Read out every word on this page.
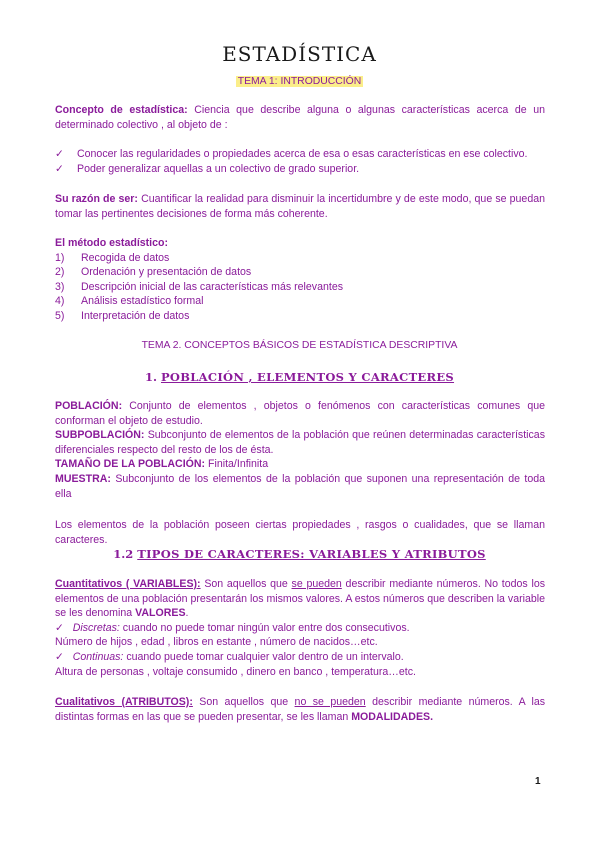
ESTADÍSTICA
TEMA 1: INTRODUCCIÓN

Concepto de estadística: Ciencia que describe alguna o algunas características acerca de un determinado colectivo , al objeto de :

✓ Conocer las regularidades o propiedades acerca de esa o esas características en ese colectivo.
✓ Poder generalizar aquellas a un colectivo de grado superior.

Su razón de ser: Cuantificar la realidad para disminuir la incertidumbre y de este modo, que se puedan tomar las pertinentes decisiones de forma más coherente.

El método estadístico:
1) Recogida de datos
2) Ordenación y presentación de datos
3) Descripción inicial de las características más relevantes
4) Análisis estadístico formal
5) Interpretación de datos
TEMA 2. CONCEPTOS BÁSICOS DE ESTADÍSTICA DESCRIPTIVA
1. POBLACIÓN , ELEMENTOS Y CARACTERES
POBLACIÓN: Conjunto de elementos , objetos o fenómenos con características comunes que conforman el objeto de estudio.
SUBPOBLACIÓN: Subconjunto de elementos de la población que reúnen determinadas características diferenciales respecto del resto de los de ésta.
TAMAÑO DE LA POBLACIÓN: Finita/Infinita
MUESTRA: Subconjunto de los elementos de la población que suponen una representación de toda ella

Los elementos de la población poseen ciertas propiedades , rasgos o cualidades, que se llaman caracteres.

1.2 TIPOS DE CARACTERES: VARIABLES Y ATRIBUTOS
Cuantitativos ( VARIABLES): Son aquellos que se pueden describir mediante números. No todos los elementos de una población presentarán los mismos valores. A estos números que describen la variable se les denomina VALORES.
✓ Discretas: cuando no puede tomar ningún valor entre dos consecutivos.
Número de hijos , edad , libros en estante , número de nacidos…etc.
✓ Continuas: cuando puede tomar cualquier valor dentro de un intervalo.
Altura de personas , voltaje consumido , dinero en banco , temperatura…etc.

Cualitativos (ATRIBUTOS): Son aquellos que no se pueden describir mediante números. A las distintas formas en las que se pueden presentar, se les llaman MODALIDADES.

1
